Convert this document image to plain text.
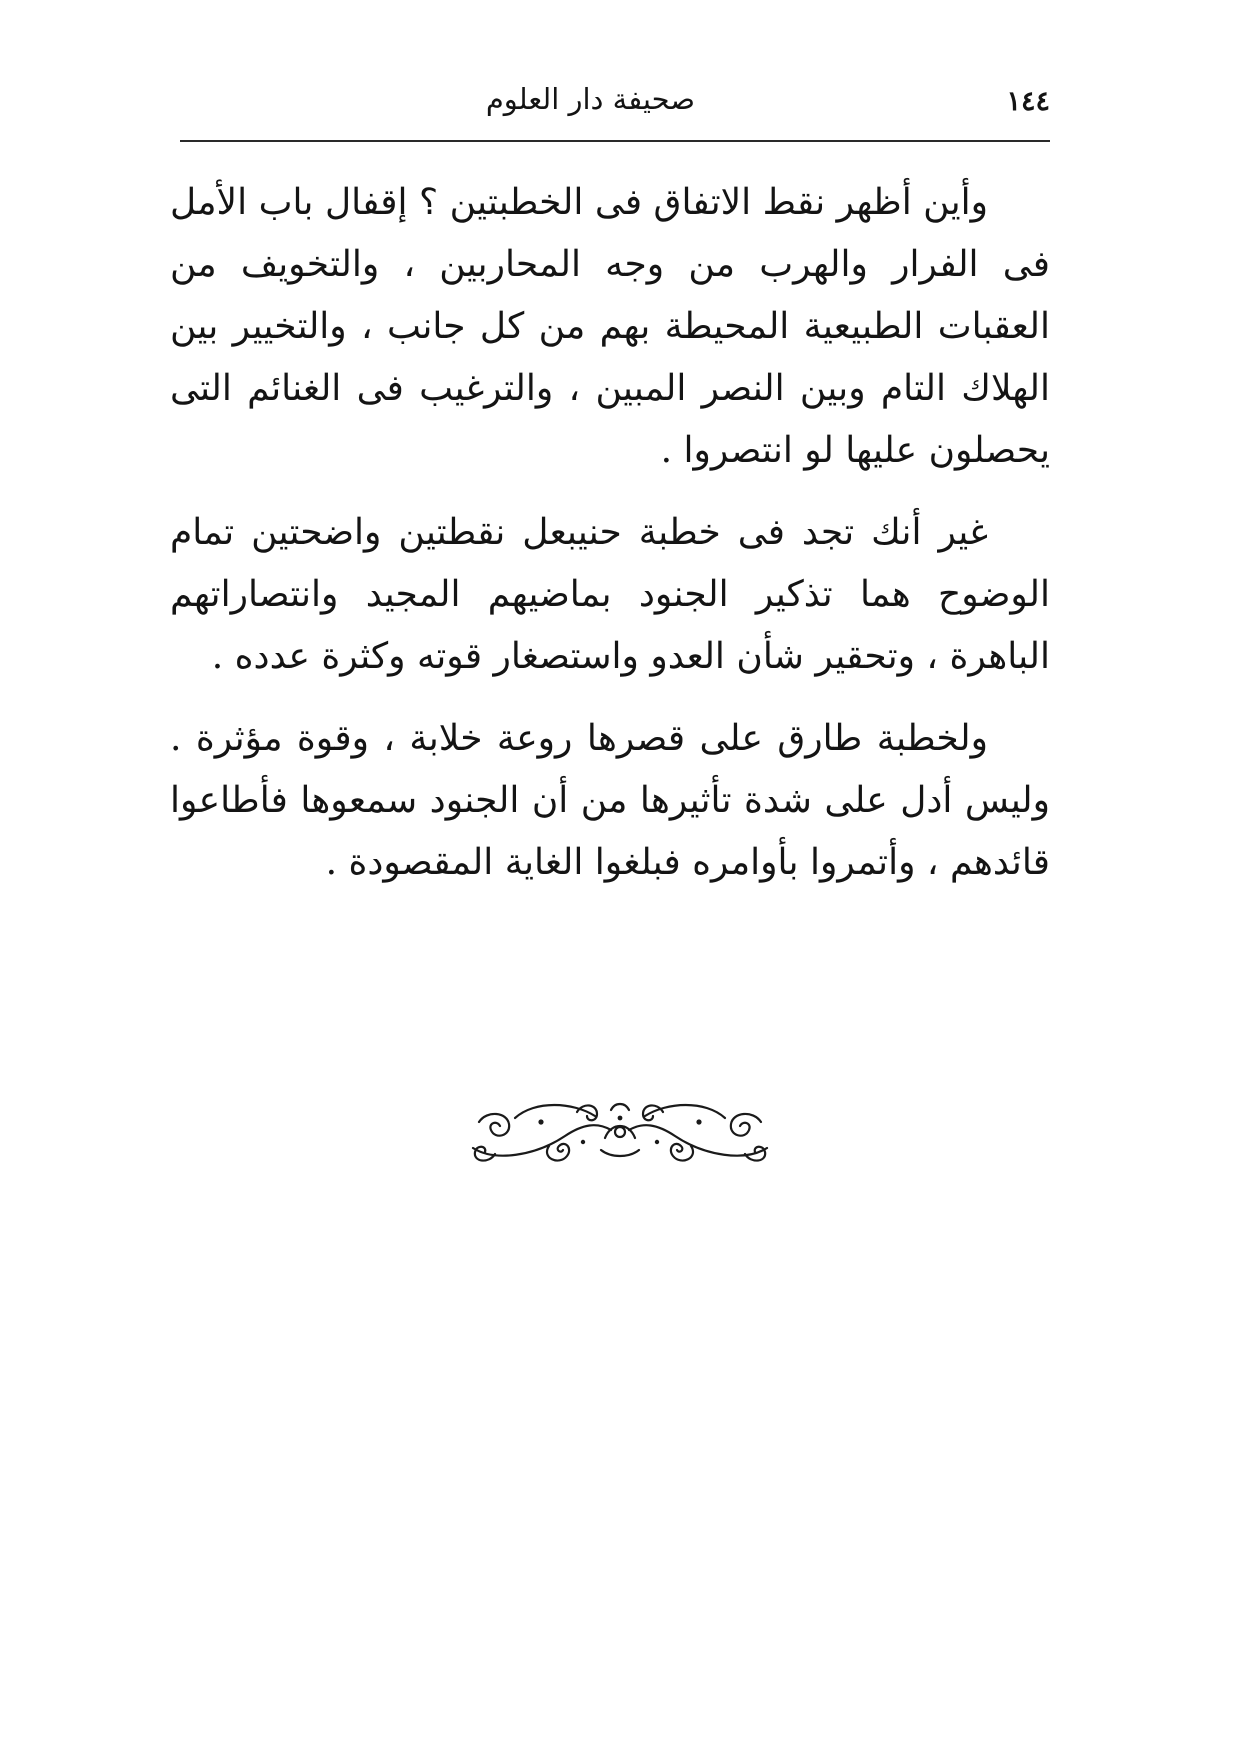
١٤٤
صحيفة دار العلوم

وأين أظهر نقط الاتفاق فى الخطبتين ؟ إقفال باب الأمل فى الفرار والهرب من وجه المحاربين ، والتخويف من العقبات الطبيعية المحيطة بهم من كل جانب ، والتخيير بين الهلاك التام وبين النصر المبين ، والترغيب فى الغنائم التى يحصلون عليها لو انتصروا .

غير أنك تجد فى خطبة حنيبعل نقطتين واضحتين تمام الوضوح هما تذكير الجنود بماضيهم المجيد وانتصاراتهم الباهرة ، وتحقير شأن العدو واستصغار قوته وكثرة عدده .

ولخطبة طارق على قصرها روعة خلابة ، وقوة مؤثرة . وليس أدل على شدة تأثيرها من أن الجنود سمعوها فأطاعوا قائدهم ، وأتمروا بأوامره فبلغوا الغاية المقصودة .
